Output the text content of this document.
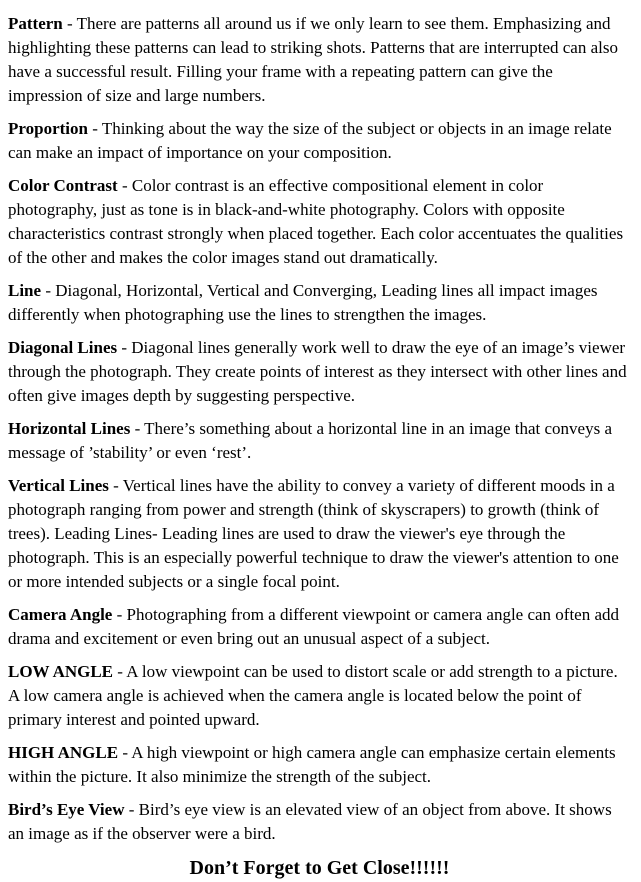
Pattern - There are patterns all around us if we only learn to see them. Emphasizing and highlighting these patterns can lead to striking shots. Patterns that are interrupted can also have a successful result. Filling your frame with a repeating pattern can give the impression of size and large numbers.

Proportion - Thinking about the way the size of the subject or objects in an image relate can make an impact of importance on your composition.

Color Contrast - Color contrast is an effective compositional element in color photography, just as tone is in black-and-white photography. Colors with opposite characteristics contrast strongly when placed together. Each color accentuates the qualities of the other and makes the color images stand out dramatically.

Line - Diagonal, Horizontal, Vertical and Converging, Leading lines all impact images differently when photographing use the lines to strengthen the images.

Diagonal Lines - Diagonal lines generally work well to draw the eye of an image’s viewer through the photograph. They create points of interest as they intersect with other lines and often give images depth by suggesting perspective.

Horizontal Lines - There’s something about a horizontal line in an image that conveys a message of ’stability’ or even ‘rest’.

Vertical Lines - Vertical lines have the ability to convey a variety of different moods in a photograph ranging from power and strength (think of skyscrapers) to growth (think of trees). Leading Lines- Leading lines are used to draw the viewer's eye through the photograph. This is an especially powerful technique to draw the viewer's attention to one or more intended subjects or a single focal point.

Camera Angle - Photographing from a different viewpoint or camera angle can often add drama and excitement or even bring out an unusual aspect of a subject.

LOW ANGLE - A low viewpoint can be used to distort scale or add strength to a picture. A low camera angle is achieved when the camera angle is located below the point of primary interest and pointed upward.

HIGH ANGLE - A high viewpoint or high camera angle can emphasize certain elements within the picture. It also minimize the strength of the subject.

Bird’s Eye View - Bird’s eye view is an elevated view of an object from above. It shows an image as if the observer were a bird.

Don’t Forget to Get Close!!!!!!
